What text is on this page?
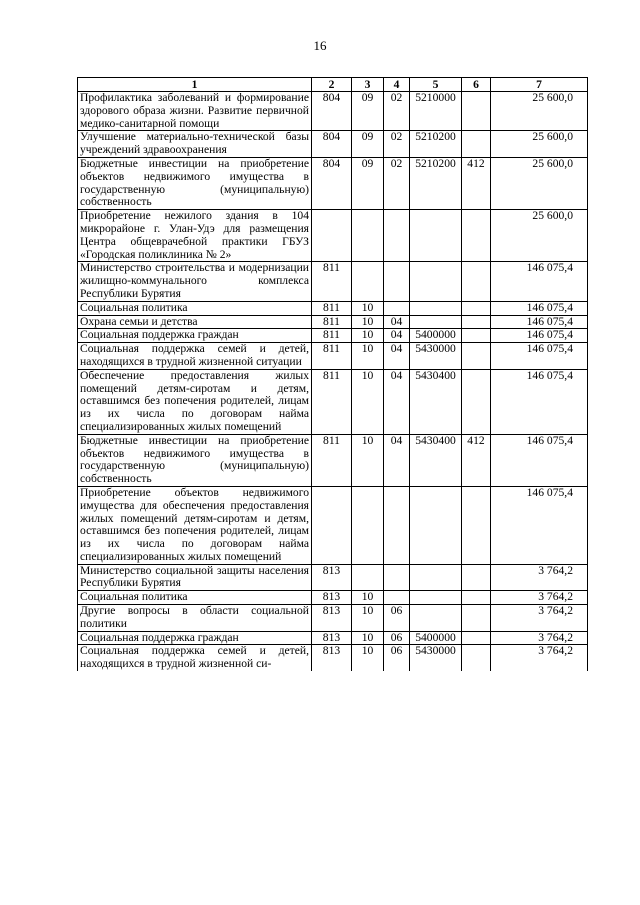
16
1	2	3	4	5	6	7
Профилактика заболеваний и формирование здорового образа жизни. Развитие первичной медико-санитарной помощи	804	09	02	5210000		25 600,0
Улучшение материально-технической базы учреждений здравоохранения	804	09	02	5210200		25 600,0
Бюджетные инвестиции на приобретение объектов недвижимого имущества в государственную (муниципальную) собственность	804	09	02	5210200	412	25 600,0
Приобретение нежилого здания в 104 микрорайоне г. Улан-Удэ для размещения Центра общеврачебной практики ГБУЗ «Городская поликлиника № 2»						25 600,0
Министерство строительства и модернизации жилищно-коммунального комплекса Республики Бурятия	811					146 075,4
Социальная политика	811	10				146 075,4
Охрана семьи и детства	811	10	04			146 075,4
Социальная поддержка граждан	811	10	04	5400000		146 075,4
Социальная поддержка семей и детей, находящихся в трудной жизненной ситуации	811	10	04	5430000		146 075,4
Обеспечение предоставления жилых помещений детям-сиротам и детям, оставшимся без попечения родителей, лицам из их числа по договорам найма специализированных жилых помещений	811	10	04	5430400		146 075,4
Бюджетные инвестиции на приобретение объектов недвижимого имущества в государственную (муниципальную) собственность	811	10	04	5430400	412	146 075,4
Приобретение объектов недвижимого имущества для обеспечения предоставления жилых помещений детям-сиротам и детям, оставшимся без попечения родителей, лицам из их числа по договорам найма специализированных жилых помещений						146 075,4
Министерство социальной защиты населения Республики Бурятия	813					3 764,2
Социальная политика	813	10				3 764,2
Другие вопросы в области социальной политики	813	10	06			3 764,2
Социальная поддержка граждан	813	10	06	5400000		3 764,2
Социальная поддержка семей и детей, находящихся в трудной жизненной си-	813	10	06	5430000		3 764,2
